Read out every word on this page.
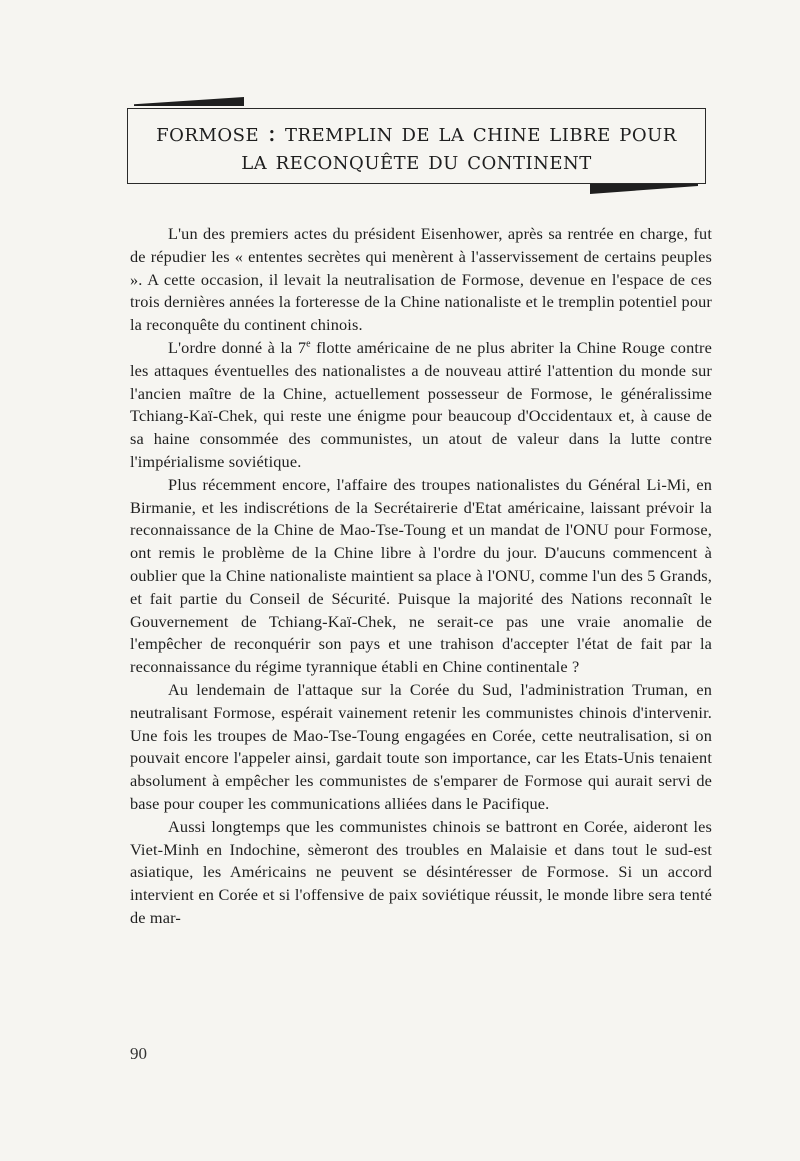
formose : tremplin de la chine libre pour
la reconquête du continent

L'un des premiers actes du président Eisenhower, après sa rentrée en charge, fut de répudier les « ententes secrètes qui menèrent à l'asservissement de certains peuples ». A cette occasion, il levait la neutralisation de Formose, devenue en l'espace de ces trois dernières années la forteresse de la Chine nationaliste et le tremplin potentiel pour la reconquête du continent chinois.

L'ordre donné à la 7e flotte américaine de ne plus abriter la Chine Rouge contre les attaques éventuelles des nationalistes a de nouveau attiré l'attention du monde sur l'ancien maître de la Chine, actuellement possesseur de Formose, le généralissime Tchiang-Kaï-Chek, qui reste une énigme pour beaucoup d'Occidentaux et, à cause de sa haine consommée des communistes, un atout de valeur dans la lutte contre l'impérialisme soviétique.

Plus récemment encore, l'affaire des troupes nationalistes du Général Li-Mi, en Birmanie, et les indiscrétions de la Secrétairerie d'Etat américaine, laissant prévoir la reconnaissance de la Chine de Mao-Tse-Toung et un mandat de l'ONU pour Formose, ont remis le problème de la Chine libre à l'ordre du jour. D'aucuns commencent à oublier que la Chine nationaliste maintient sa place à l'ONU, comme l'un des 5 Grands, et fait partie du Conseil de Sécurité. Puisque la majorité des Nations reconnaît le Gouvernement de Tchiang-Kaï-Chek, ne serait-ce pas une vraie anomalie de l'empêcher de reconquérir son pays et une trahison d'accepter l'état de fait par la reconnaissance du régime tyrannique établi en Chine continentale ?

Au lendemain de l'attaque sur la Corée du Sud, l'administration Truman, en neutralisant Formose, espérait vainement retenir les communistes chinois d'intervenir. Une fois les troupes de Mao-Tse-Toung engagées en Corée, cette neutralisation, si on pouvait encore l'appeler ainsi, gardait toute son importance, car les Etats-Unis tenaient absolument à empêcher les communistes de s'emparer de Formose qui aurait servi de base pour couper les communications alliées dans le Pacifique.

Aussi longtemps que les communistes chinois se battront en Corée, aideront les Viet-Minh en Indochine, sèmeront des troubles en Malaisie et dans tout le sud-est asiatique, les Américains ne peuvent se désintéresser de Formose. Si un accord intervient en Corée et si l'offensive de paix soviétique réussit, le monde libre sera tenté de mar-

90
